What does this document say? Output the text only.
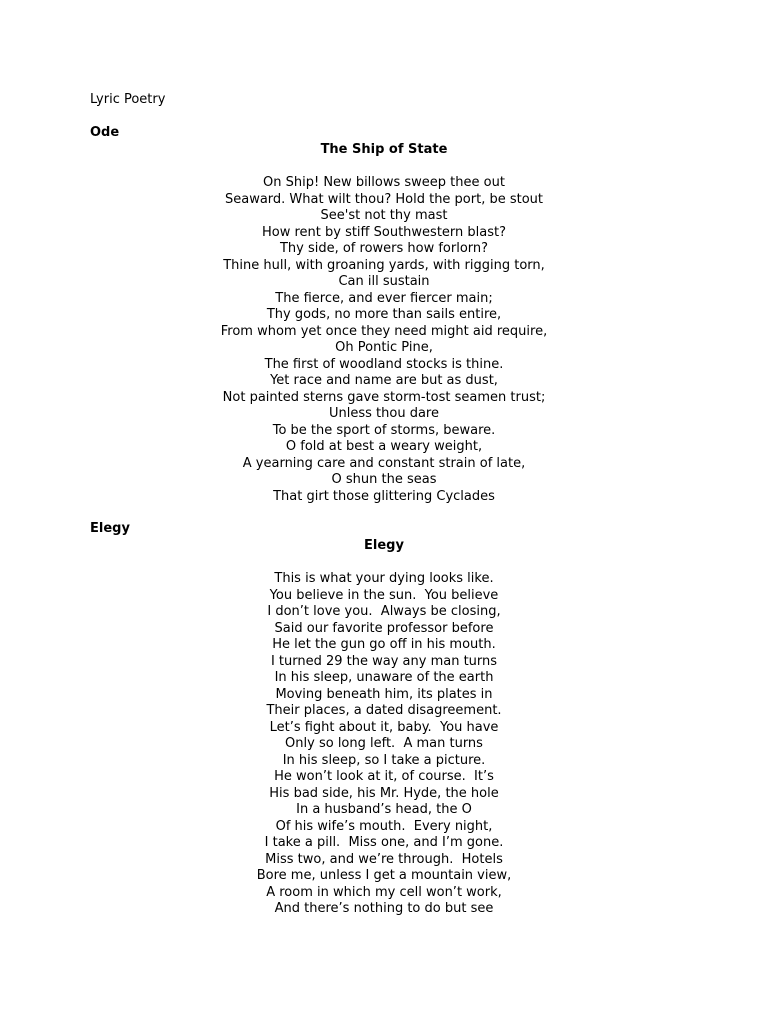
Lyric Poetry

Ode

The Ship of State

On Ship! New billows sweep thee out
Seaward. What wilt thou? Hold the port, be stout
See'st not thy mast
How rent by stiff Southwestern blast?
Thy side, of rowers how forlorn?
Thine hull, with groaning yards, with rigging torn,
Can ill sustain
The fierce, and ever fiercer main;
Thy gods, no more than sails entire,
From whom yet once they need might aid require,
Oh Pontic Pine,
The first of woodland stocks is thine.
Yet race and name are but as dust,
Not painted sterns gave storm-tost seamen trust;
Unless thou dare
To be the sport of storms, beware.
O fold at best a weary weight,
A yearning care and constant strain of late,
O shun the seas
That girt those glittering Cyclades

Elegy

Elegy

This is what your dying looks like.
You believe in the sun.  You believe
I don’t love you.  Always be closing,
Said our favorite professor before
He let the gun go off in his mouth.
I turned 29 the way any man turns
In his sleep, unaware of the earth
Moving beneath him, its plates in
Their places, a dated disagreement.
Let’s fight about it, baby.  You have
Only so long left.  A man turns
In his sleep, so I take a picture.
He won’t look at it, of course.  It’s
His bad side, his Mr. Hyde, the hole
In a husband’s head, the O
Of his wife’s mouth.  Every night,
I take a pill.  Miss one, and I’m gone.
Miss two, and we’re through.  Hotels
Bore me, unless I get a mountain view,
A room in which my cell won’t work,
And there’s nothing to do but see
